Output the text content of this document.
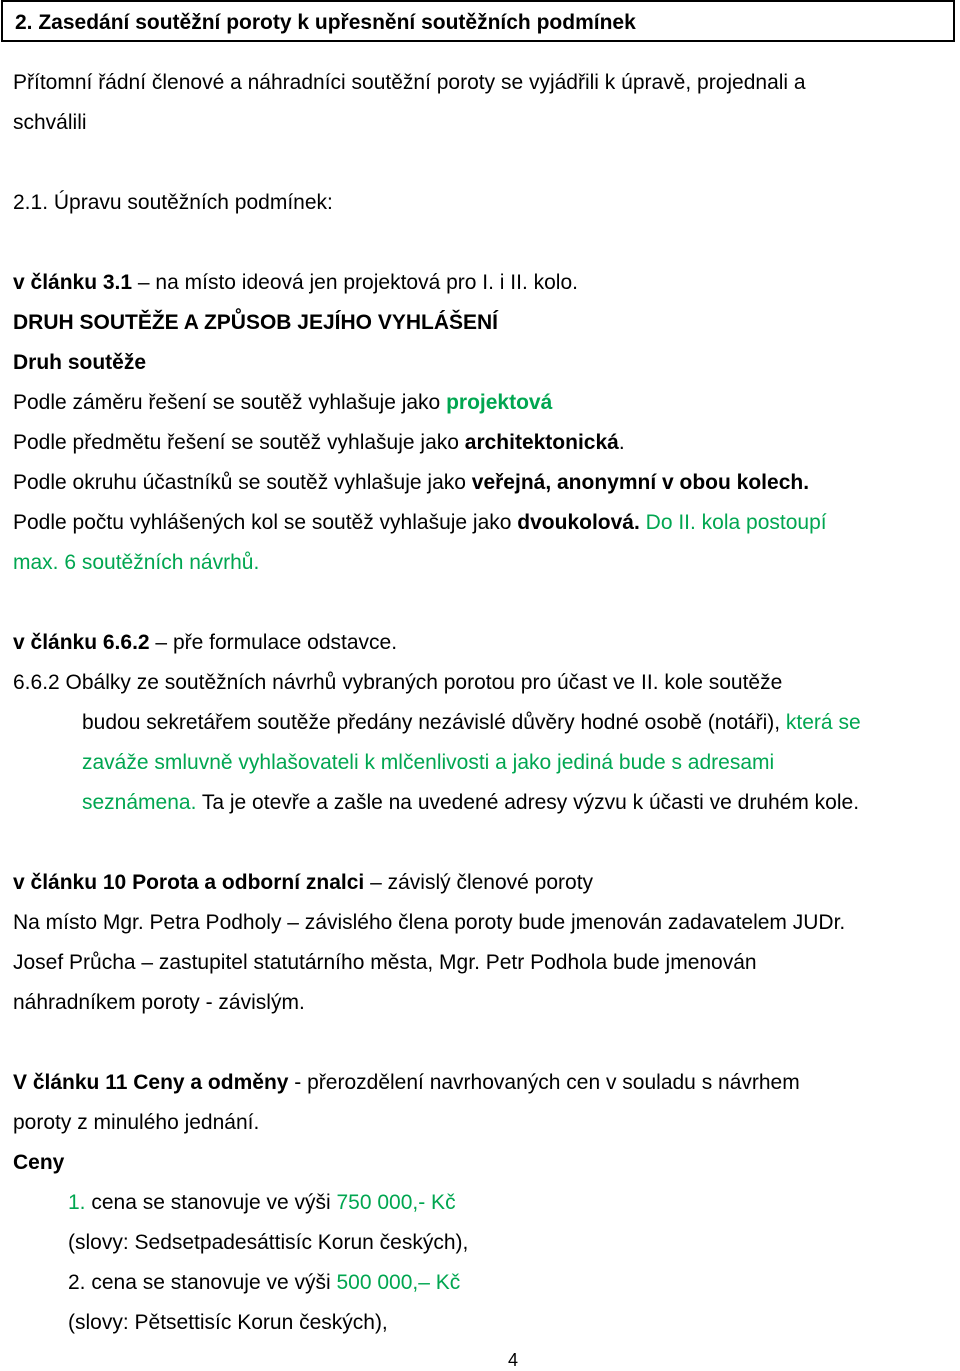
2. Zasedání soutěžní poroty k upřesnění soutěžních podmínek
Přítomní řádní členové a náhradníci soutěžní poroty se vyjádřili k úpravě, projednali a
schválili
2.1. Úpravu soutěžních podmínek:
v článku 3.1 – na místo ideová jen projektová pro I. i II. kolo.
DRUH SOUTĚŽE A ZPŮSOB JEJÍHO VYHLÁŠENÍ
Druh soutěže
Podle záměru řešení se soutěž vyhlašuje jako projektová
Podle předmětu řešení se soutěž vyhlašuje jako architektonická.
Podle okruhu účastníků se soutěž vyhlašuje jako veřejná, anonymní v obou kolech.
Podle počtu vyhlášených kol se soutěž vyhlašuje jako dvoukolová. Do II. kola postoupí
max. 6 soutěžních návrhů.
v článku 6.6.2 – pře formulace odstavce.
6.6.2 Obálky ze soutěžních návrhů vybraných porotou pro účast ve II. kole soutěže
budou sekretářem soutěže předány nezávislé důvěry hodné osobě (notáři), která se
zaváže smluvně vyhlašovateli k mlčenlivosti a jako jediná bude s adresami
seznámena. Ta je otevře a zašle na uvedené adresy výzvu k účasti ve druhém kole.
v článku 10 Porota a odborní znalci – závislý členové poroty
Na místo Mgr. Petra Podholy – závislého člena poroty bude jmenován zadavatelem JUDr.
Josef Průcha – zastupitel statutárního města, Mgr. Petr Podhola bude jmenován
náhradníkem poroty - závislým.
V článku 11 Ceny a odměny - přerozdělení navrhovaných cen v souladu s návrhem
poroty z minulého jednání.
Ceny
1. cena se stanovuje ve výši 750 000,- Kč
(slovy: Sedsetpadesáttisíc Korun českých),
2. cena se stanovuje ve výši 500 000,– Kč
(slovy: Pětsettisíc Korun českých),
4
